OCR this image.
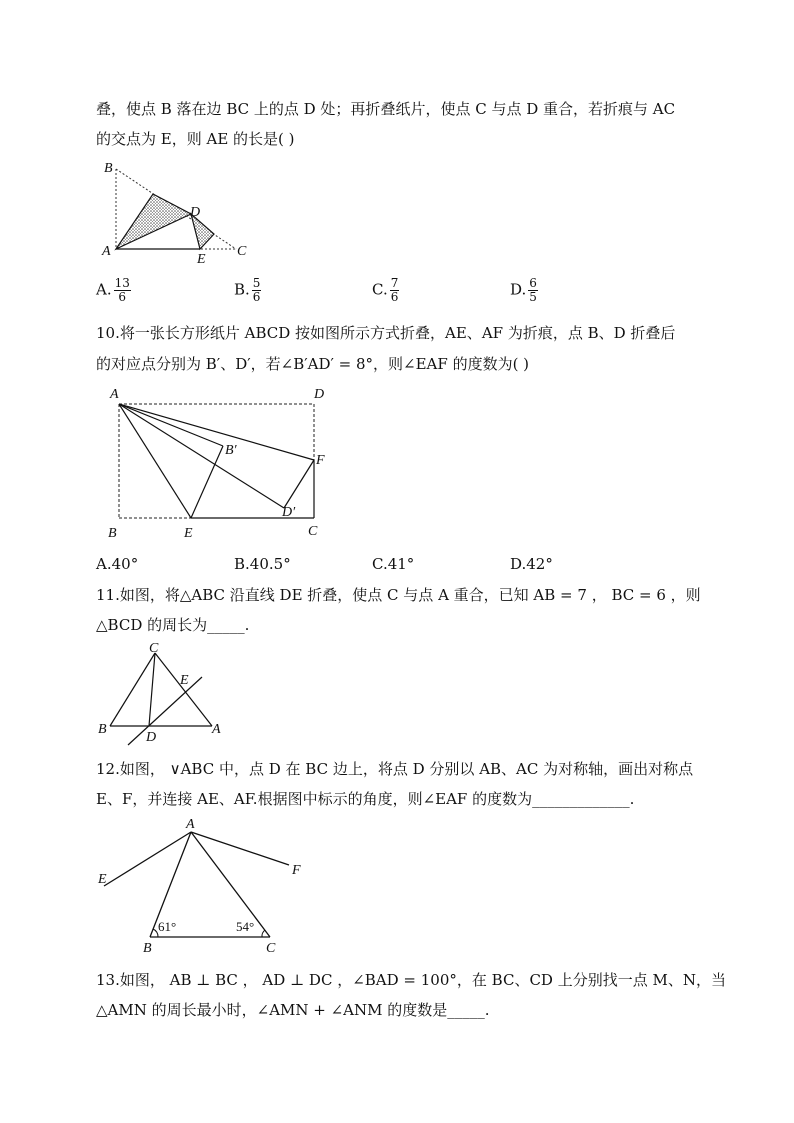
叠，使点 B 落在边 BC 上的点 D 处；再折叠纸片，使点 C 与点 D 重合，若折痕与 AC
的交点为 E，则 AE 的长是( )
B
D
A
E
C
A. $\frac{13}{6}$	B. $\frac{5}{6}$	C. $\frac{7}{6}$	D. $\frac{6}{5}$
10.将一张长方形纸片 ABCD 按如图所示方式折叠，AE、AF 为折痕，点 B、D 折叠后
的对应点分别为 B′、D′，若∠B′AD′ = 8°，则∠EAF 的度数为( )
A	D
B′
F
D′
B	E	C
A.40°	B.40.5°	C.41°	D.42°
11.如图，将△ABC 沿直线 DE 折叠，使点 C 与点 A 重合，已知 AB = 7 ， BC = 6 ，则
△BCD 的周长为_____.
C
E
B
D
A
12.如图， ∨ABC 中，点 D 在 BC 边上，将点 D 分别以 AB、AC 为对称轴，画出对称点
E、F，并连接 AE、AF.根据图中标示的角度，则∠EAF 的度数为_____________.
A
E
F
B	C
61°	54°
13.如图， AB ⊥ BC ， AD ⊥ DC ，∠BAD = 100°，在 BC、CD 上分别找一点 M、N，当
△AMN 的周长最小时，∠AMN + ∠ANM 的度数是_____.
